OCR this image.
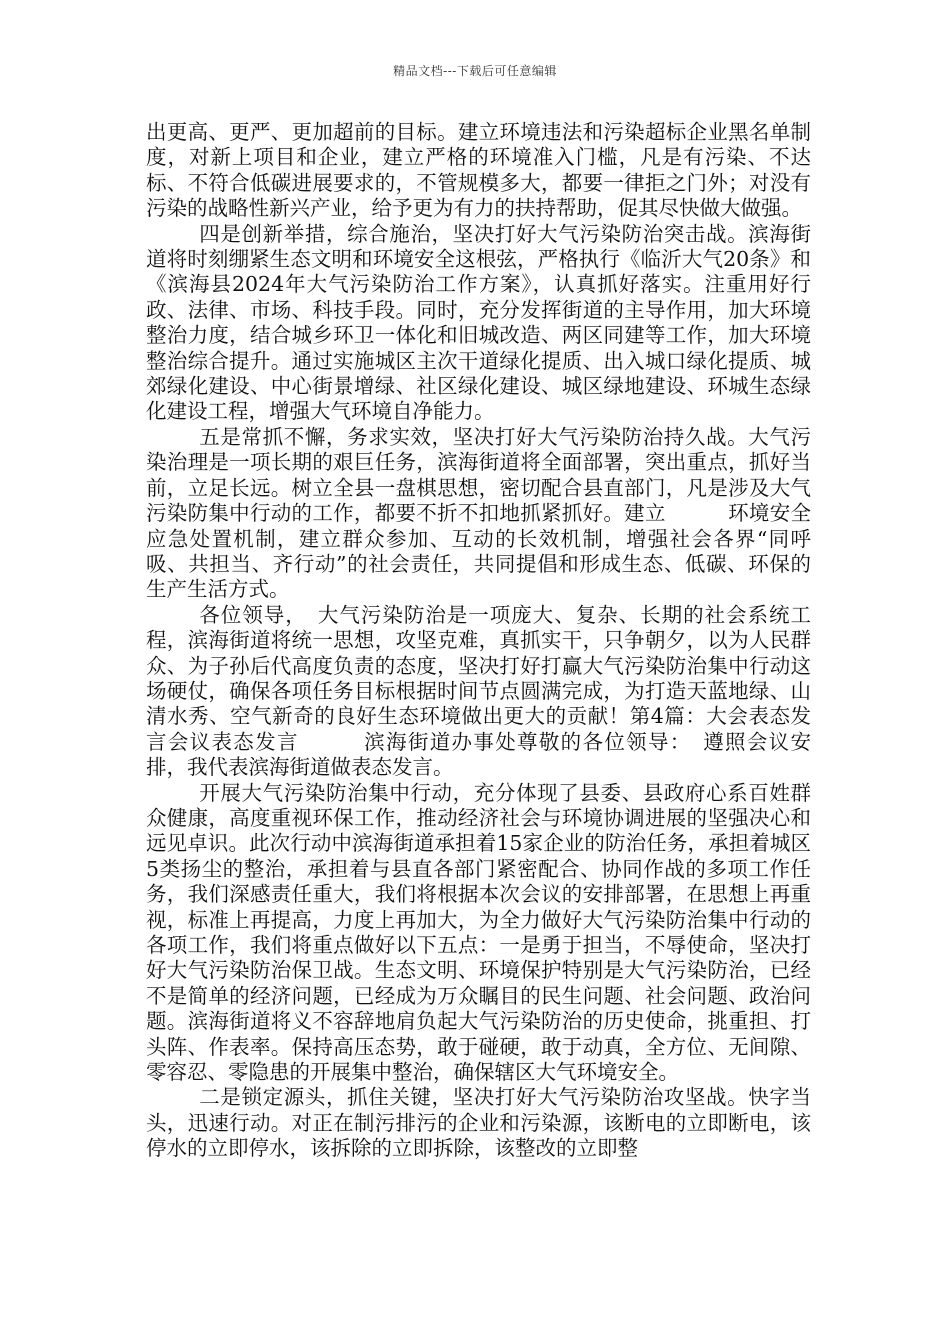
精品文档---下载后可任意编辑

出更高、更严、更加超前的目标。建立环境违法和污染超标企业黑名单制度，对新上项目和企业，建立严格的环境准入门槛，凡是有污染、不达标、不符合低碳进展要求的，不管规模多大，都要一律拒之门外；对没有污染的战略性新兴产业，给予更为有力的扶持帮助，促其尽快做大做强。

四是创新举措，综合施治，坚决打好大气污染防治突击战。滨海街道将时刻绷紧生态文明和环境安全这根弦，严格执行《临沂大气20条》和《滨海县2024年大气污染防治工作方案》，认真抓好落实。注重用好行政、法律、市场、科技手段。同时，充分发挥街道的主导作用，加大环境整治力度，结合城乡环卫一体化和旧城改造、两区同建等工作，加大环境整治综合提升。通过实施城区主次干道绿化提质、出入城口绿化提质、城郊绿化建设、中心街景增绿、社区绿化建设、城区绿地建设、环城生态绿化建设工程，增强大气环境自净能力。

五是常抓不懈，务求实效，坚决打好大气污染防治持久战。大气污染治理是一项长期的艰巨任务，滨海街道将全面部署，突出重点，抓好当前，立足长远。树立全县一盘棋思想，密切配合县直部门，凡是涉及大气污染防集中行动的工作，都要不折不扣地抓紧抓好。建立　　　环境安全应急处置机制，建立群众参加、互动的长效机制，增强社会各界“同呼吸、共担当、齐行动”的社会责任，共同提倡和形成生态、低碳、环保的生产生活方式。

各位领导，　大气污染防治是一项庞大、复杂、长期的社会系统工程，滨海街道将统一思想，攻坚克难，真抓实干，只争朝夕，以为人民群众、为子孙后代高度负责的态度，坚决打好打赢大气污染防治集中行动这场硬仗，确保各项任务目标根据时间节点圆满完成，为打造天蓝地绿、山清水秀、空气新奇的良好生态环境做出更大的贡献！第4篇：大会表态发言会议表态发言　　　滨海街道办事处尊敬的各位领导：　遵照会议安排，我代表滨海街道做表态发言。

开展大气污染防治集中行动，充分体现了县委、县政府心系百姓群众健康，高度重视环保工作，推动经济社会与环境协调进展的坚强决心和远见卓识。此次行动中滨海街道承担着15家企业的防治任务，承担着城区5类扬尘的整治，承担着与县直各部门紧密配合、协同作战的多项工作任务，我们深感责任重大，我们将根据本次会议的安排部署，在思想上再重视，标准上再提高，力度上再加大，为全力做好大气污染防治集中行动的各项工作，我们将重点做好以下五点：一是勇于担当，不辱使命，坚决打好大气污染防治保卫战。生态文明、环境保护特别是大气污染防治，已经不是简单的经济问题，已经成为万众瞩目的民生问题、社会问题、政治问题。滨海街道将义不容辞地肩负起大气污染防治的历史使命，挑重担、打头阵、作表率。保持高压态势，敢于碰硬，敢于动真，全方位、无间隙、零容忍、零隐患的开展集中整治，确保辖区大气环境安全。

二是锁定源头，抓住关键，坚决打好大气污染防治攻坚战。快字当头，迅速行动。对正在制污排污的企业和污染源，该断电的立即断电，该停水的立即停水，该拆除的立即拆除，该整改的立即整
